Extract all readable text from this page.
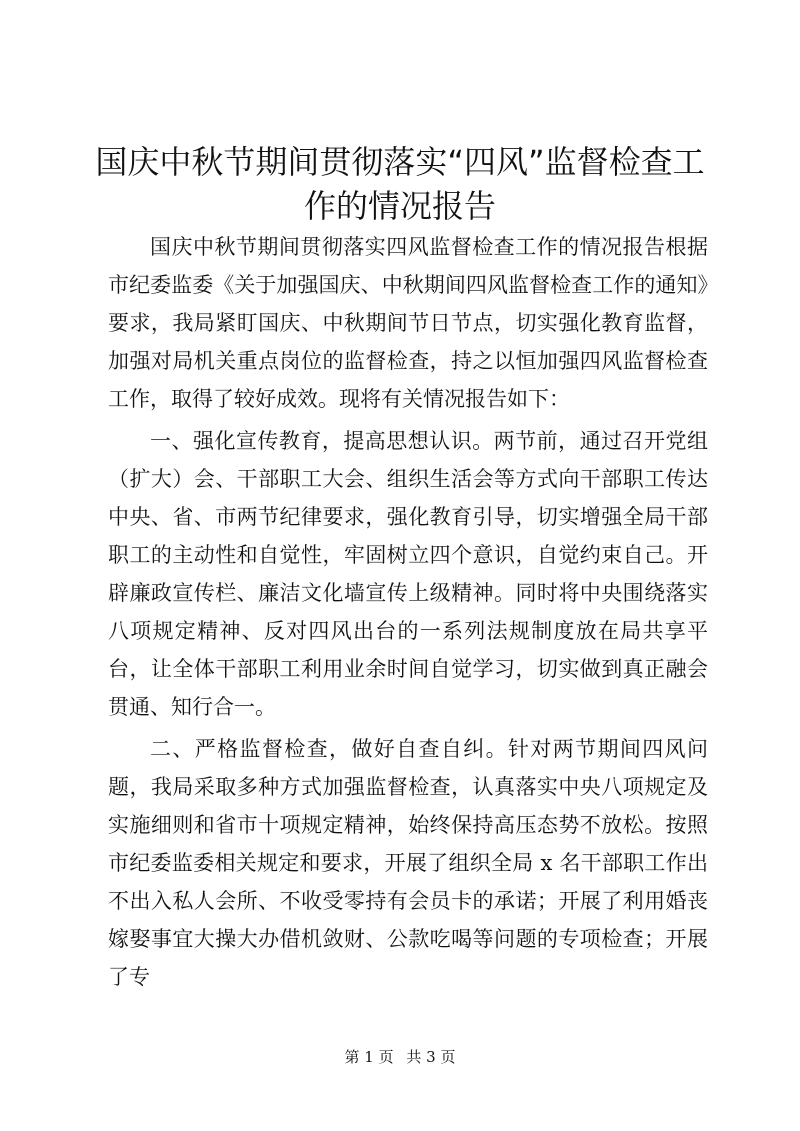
国庆中秋节期间贯彻落实“四风”监督检查工作的情况报告

国庆中秋节期间贯彻落实四风监督检查工作的情况报告根据市纪委监委《关于加强国庆、中秋期间四风监督检查工作的通知》要求，我局紧盯国庆、中秋期间节日节点，切实强化教育监督，加强对局机关重点岗位的监督检查，持之以恒加强四风监督检查工作，取得了较好成效。现将有关情况报告如下：

一、强化宣传教育，提高思想认识。两节前，通过召开党组（扩大）会、干部职工大会、组织生活会等方式向干部职工传达中央、省、市两节纪律要求，强化教育引导，切实增强全局干部职工的主动性和自觉性，牢固树立四个意识，自觉约束自己。开辟廉政宣传栏、廉洁文化墙宣传上级精神。同时将中央围绕落实八项规定精神、反对四风出台的一系列法规制度放在局共享平台，让全体干部职工利用业余时间自觉学习，切实做到真正融会贯通、知行合一。

二、严格监督检查，做好自查自纠。针对两节期间四风问题，我局采取多种方式加强监督检查，认真落实中央八项规定及实施细则和省市十项规定精神，始终保持高压态势不放松。按照市纪委监委相关规定和要求，开展了组织全局 x 名干部职工作出不出入私人会所、不收受零持有会员卡的承诺；开展了利用婚丧嫁娶事宜大操大办借机敛财、公款吃喝等问题的专项检查；开展了专

第 1 页 共 3 页
